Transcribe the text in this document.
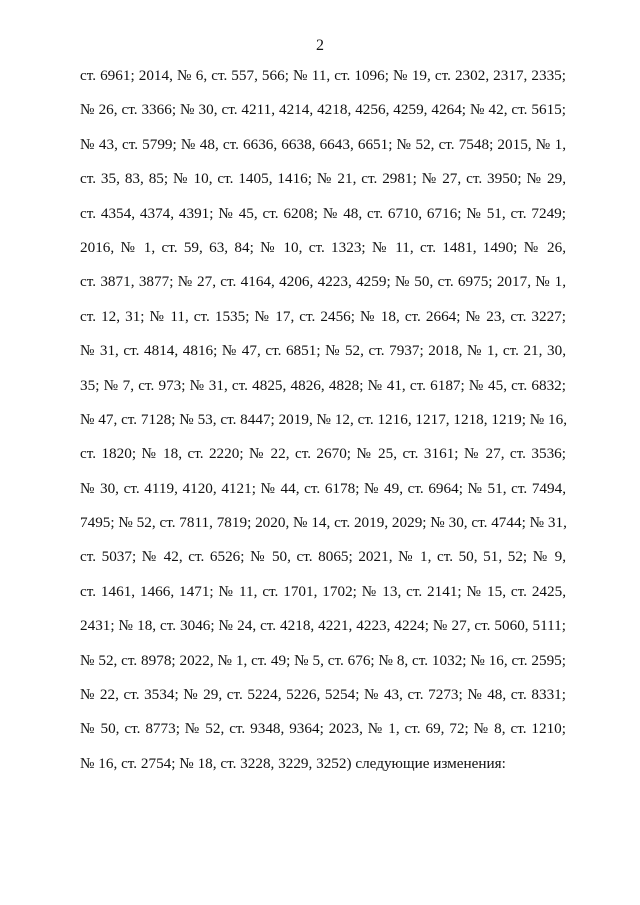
2
ст. 6961; 2014, № 6, ст. 557, 566; № 11, ст. 1096; № 19, ст. 2302, 2317, 2335;
№ 26, ст. 3366; № 30, ст. 4211, 4214, 4218, 4256, 4259, 4264; № 42, ст. 5615;
№ 43, ст. 5799; № 48, ст. 6636, 6638, 6643, 6651; № 52, ст. 7548; 2015, № 1,
ст. 35, 83, 85; № 10, ст. 1405, 1416; № 21, ст. 2981; № 27, ст. 3950; № 29,
ст. 4354, 4374, 4391; № 45, ст. 6208; № 48, ст. 6710, 6716; № 51, ст. 7249;
2016, № 1, ст. 59, 63, 84; № 10, ст. 1323; № 11, ст. 1481, 1490; № 26,
ст. 3871, 3877; № 27, ст. 4164, 4206, 4223, 4259; № 50, ст. 6975; 2017, № 1,
ст. 12, 31; № 11, ст. 1535; № 17, ст. 2456; № 18, ст. 2664; № 23, ст. 3227;
№ 31, ст. 4814, 4816; № 47, ст. 6851; № 52, ст. 7937; 2018, № 1, ст. 21, 30,
35; № 7, ст. 973; № 31, ст. 4825, 4826, 4828; № 41, ст. 6187; № 45, ст. 6832;
№ 47, ст. 7128; № 53, ст. 8447; 2019, № 12, ст. 1216, 1217, 1218, 1219; № 16,
ст. 1820; № 18, ст. 2220; № 22, ст. 2670; № 25, ст. 3161; № 27, ст. 3536;
№ 30, ст. 4119, 4120, 4121; № 44, ст. 6178; № 49, ст. 6964; № 51, ст. 7494,
7495; № 52, ст. 7811, 7819; 2020, № 14, ст. 2019, 2029; № 30, ст. 4744; № 31,
ст. 5037; № 42, ст. 6526; № 50, ст. 8065; 2021, № 1, ст. 50, 51, 52; № 9,
ст. 1461, 1466, 1471; № 11, ст. 1701, 1702; № 13, ст. 2141; № 15, ст. 2425,
2431; № 18, ст. 3046; № 24, ст. 4218, 4221, 4223, 4224; № 27, ст. 5060, 5111;
№ 52, ст. 8978; 2022, № 1, ст. 49; № 5, ст. 676; № 8, ст. 1032; № 16, ст. 2595;
№ 22, ст. 3534; № 29, ст. 5224, 5226, 5254; № 43, ст. 7273; № 48, ст. 8331;
№ 50, ст. 8773; № 52, ст. 9348, 9364; 2023, № 1, ст. 69, 72; № 8, ст. 1210;
№ 16, ст. 2754; № 18, ст. 3228, 3229, 3252) следующие изменения:
